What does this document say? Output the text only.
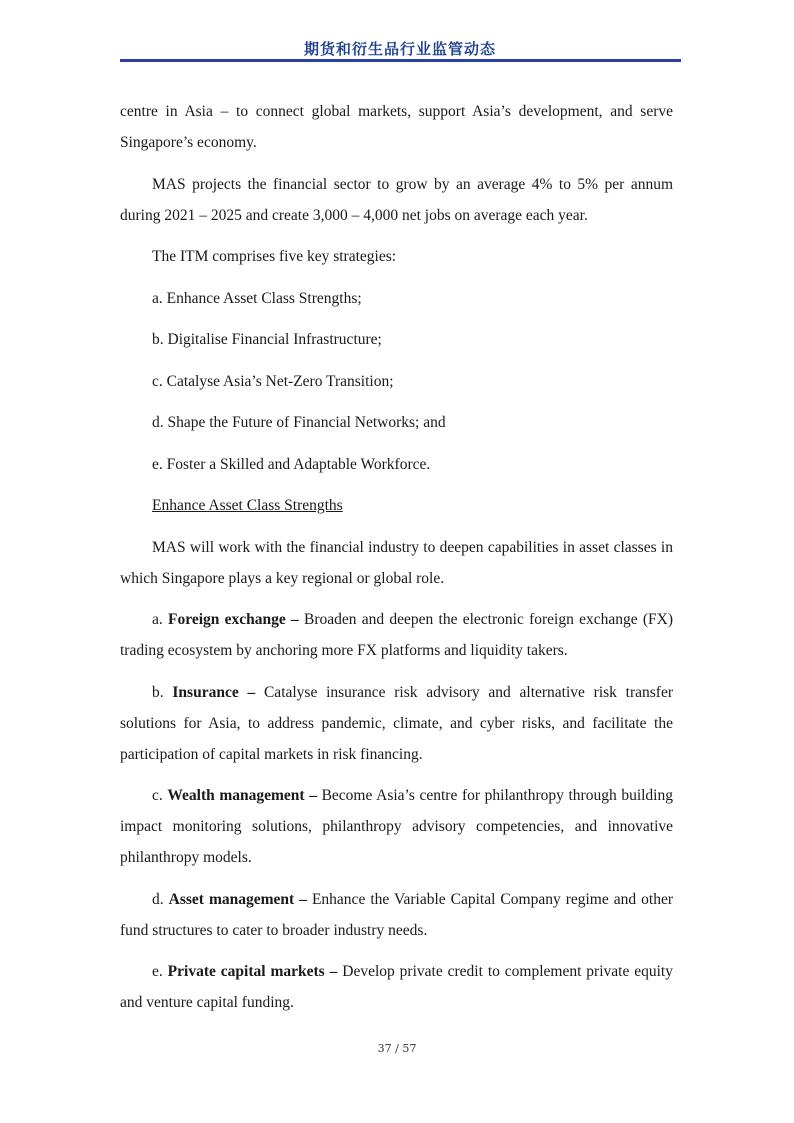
期货和衍生品行业监管动态

centre in Asia – to connect global markets, support Asia’s development, and serve Singapore’s economy.

MAS projects the financial sector to grow by an average 4% to 5% per annum during 2021 – 2025 and create 3,000 – 4,000 net jobs on average each year.

The ITM comprises five key strategies:

a. Enhance Asset Class Strengths;

b. Digitalise Financial Infrastructure;

c. Catalyse Asia’s Net-Zero Transition;

d. Shape the Future of Financial Networks; and

e. Foster a Skilled and Adaptable Workforce.

Enhance Asset Class Strengths

MAS will work with the financial industry to deepen capabilities in asset classes in which Singapore plays a key regional or global role.

a. Foreign exchange – Broaden and deepen the electronic foreign exchange (FX) trading ecosystem by anchoring more FX platforms and liquidity takers.

b. Insurance – Catalyse insurance risk advisory and alternative risk transfer solutions for Asia, to address pandemic, climate, and cyber risks, and facilitate the participation of capital markets in risk financing.

c. Wealth management – Become Asia’s centre for philanthropy through building impact monitoring solutions, philanthropy advisory competencies, and innovative philanthropy models.

d. Asset management – Enhance the Variable Capital Company regime and other fund structures to cater to broader industry needs.

e. Private capital markets – Develop private credit to complement private equity and venture capital funding.

37 / 57
